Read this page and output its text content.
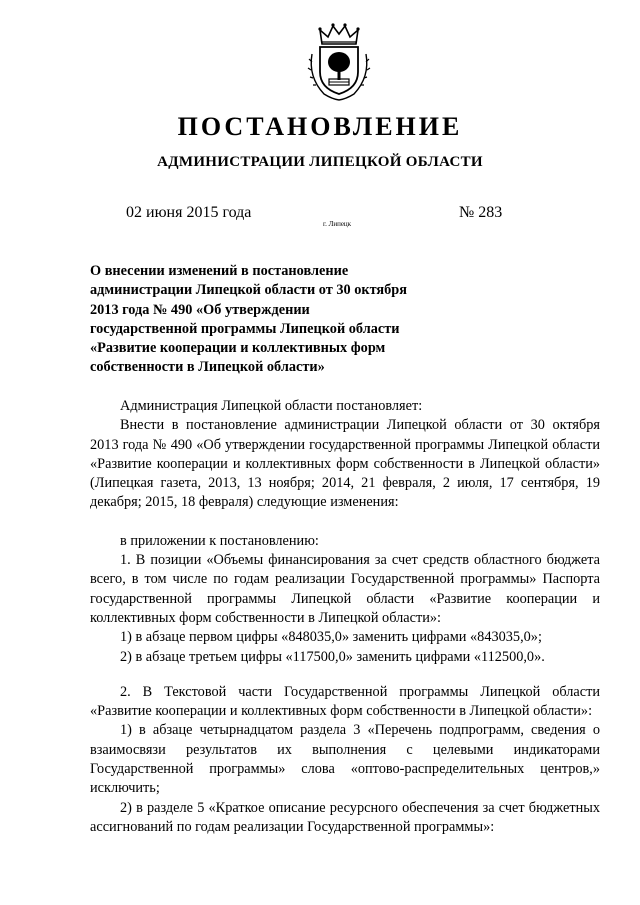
ПОСТАНОВЛЕНИЕ
АДМИНИСТРАЦИИ ЛИПЕЦКОЙ ОБЛАСТИ
02 июня 2015 года
г. Липецк
№ 283
О внесении изменений в постановление
администрации Липецкой области от 30 октября
2013 года № 490 «Об утверждении
государственной программы Липецкой области
«Развитие кооперации и коллективных форм
собственности в Липецкой области»

Администрация Липецкой области постановляет:

Внести в постановление администрации Липецкой области от 30 октября 2013 года № 490 «Об утверждении государственной программы Липецкой области «Развитие кооперации и коллективных форм собственности в Липецкой области» (Липецкая газета, 2013, 13 ноября; 2014, 21 февраля, 2 июля, 17 сентября, 19 декабря; 2015, 18 февраля) следующие изменения:

в приложении к постановлению:

1. В позиции «Объемы финансирования за счет средств областного бюджета всего, в том числе по годам реализации Государственной программы» Паспорта государственной программы Липецкой области «Развитие кооперации и коллективных форм собственности в Липецкой области»:

1) в абзаце первом цифры «848035,0» заменить цифрами «843035,0»;

2) в абзаце третьем цифры «117500,0» заменить цифрами «112500,0».

2. В Текстовой части Государственной программы Липецкой области «Развитие кооперации и коллективных форм собственности в Липецкой области»:

1) в абзаце четырнадцатом раздела 3 «Перечень подпрограмм, сведения о взаимосвязи результатов их выполнения с целевыми индикаторами Государственной программы» слова «оптово-распределительных центров,» исключить;

2) в разделе 5 «Краткое описание ресурсного обеспечения за счет бюджетных ассигнований по годам реализации Государственной программы»:
